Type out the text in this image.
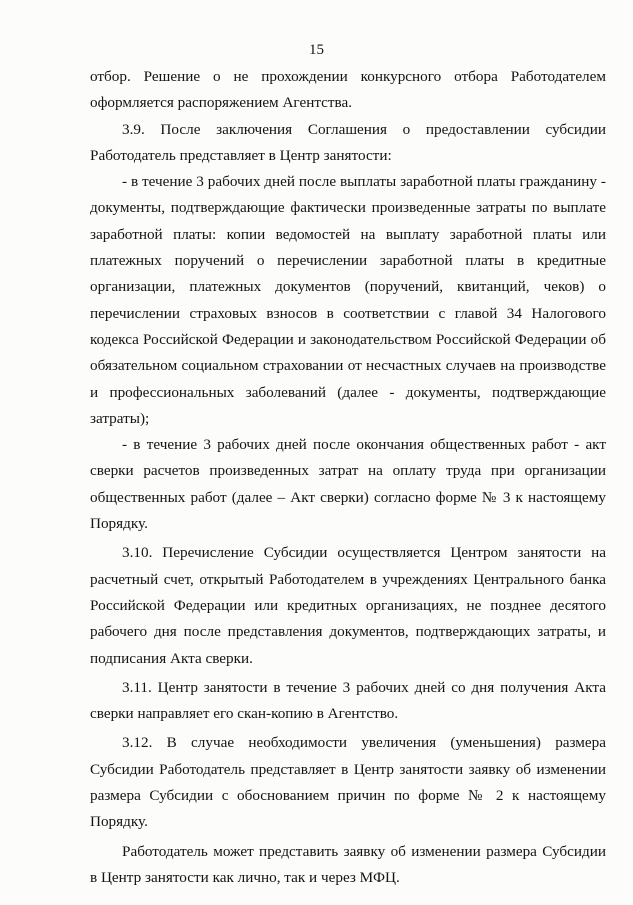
15

отбор. Решение о не прохождении конкурсного отбора Работодателем оформляется распоряжением Агентства.

3.9. После заключения Соглашения о предоставлении субсидии Работодатель представляет в Центр занятости:

- в течение 3 рабочих дней после выплаты заработной платы гражданину - документы, подтверждающие фактически произведенные затраты по выплате заработной платы: копии ведомостей на выплату заработной платы или платежных поручений о перечислении заработной платы в кредитные организации, платежных документов (поручений, квитанций, чеков) о перечислении страховых взносов в соответствии с главой 34 Налогового кодекса Российской Федерации и законодательством Российской Федерации об обязательном социальном страховании от несчастных случаев на производстве и профессиональных заболеваний (далее - документы, подтверждающие затраты);

- в течение 3 рабочих дней после окончания общественных работ - акт сверки расчетов произведенных затрат на оплату труда при организации общественных работ (далее – Акт сверки) согласно форме № 3 к настоящему Порядку.

3.10. Перечисление Субсидии осуществляется Центром занятости на расчетный счет, открытый Работодателем в учреждениях Центрального банка Российской Федерации или кредитных организациях, не позднее десятого рабочего дня после представления документов, подтверждающих затраты, и подписания Акта сверки.

3.11. Центр занятости в течение 3 рабочих дней со дня получения Акта сверки направляет его скан-копию в Агентство.

3.12. В случае необходимости увеличения (уменьшения) размера Субсидии Работодатель представляет в Центр занятости заявку об изменении размера Субсидии с обоснованием причин по форме № 2 к настоящему Порядку.

Работодатель может представить заявку об изменении размера Субсидии в Центр занятости как лично, так и через МФЦ.
